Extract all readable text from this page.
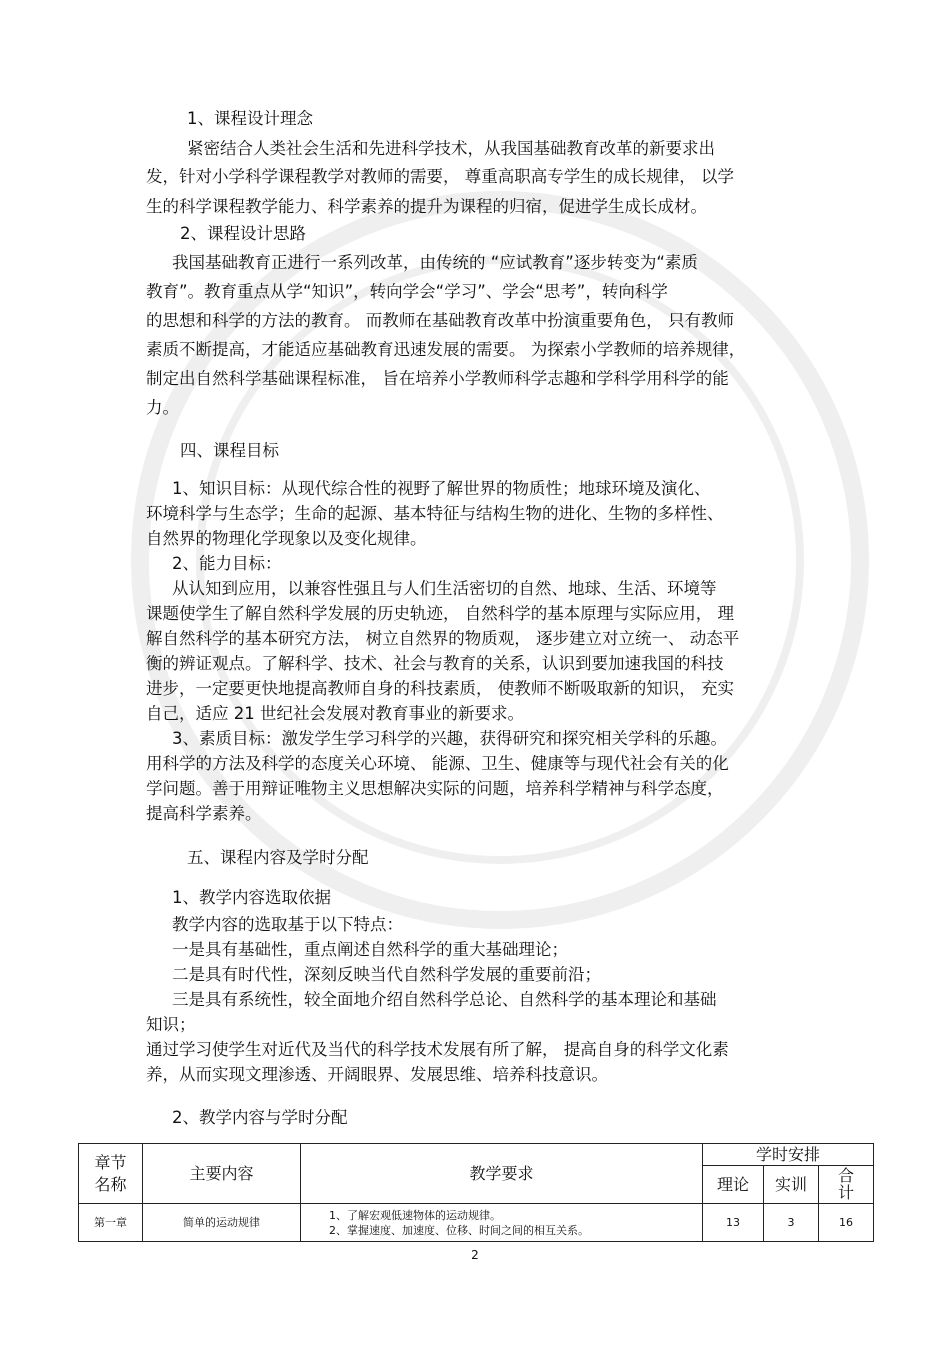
1、课程设计理念
紧密结合人类社会生活和先进科学技术，从我国基础教育改革的新要求出
发，针对小学科学课程教学对教师的需要， 尊重高职高专学生的成长规律， 以学
生的科学课程教学能力、科学素养的提升为课程的归宿，促进学生成长成材。
2、课程设计思路
我国基础教育正进行一系列改革，由传统的 “应试教育”逐步转变为“素质
教育”。教育重点从学“知识”，转向学会“学习”、学会“思考”，转向科学
的思想和科学的方法的教育。 而教师在基础教育改革中扮演重要角色， 只有教师
素质不断提高，才能适应基础教育迅速发展的需要。 为探索小学教师的培养规律，
制定出自然科学基础课程标准， 旨在培养小学教师科学志趣和学科学用科学的能
力。
四、课程目标
1、知识目标：从现代综合性的视野了解世界的物质性；地球环境及演化、
环境科学与生态学；生命的起源、基本特征与结构生物的进化、生物的多样性、
自然界的物理化学现象以及变化规律。
2、能力目标：
从认知到应用，以兼容性强且与人们生活密切的自然、地球、生活、环境等
课题使学生了解自然科学发展的历史轨迹， 自然科学的基本原理与实际应用， 理
解自然科学的基本研究方法， 树立自然界的物质观， 逐步建立对立统一、 动态平
衡的辨证观点。了解科学、技术、社会与教育的关系，认识到要加速我国的科技
进步，一定要更快地提高教师自身的科技素质， 使教师不断吸取新的知识， 充实
自己，适应 21 世纪社会发展对教育事业的新要求。
3、素质目标：激发学生学习科学的兴趣，获得研究和探究相关学科的乐趣。
用科学的方法及科学的态度关心环境、 能源、卫生、健康等与现代社会有关的化
学问题。善于用辩证唯物主义思想解决实际的问题，培养科学精神与科学态度，
提高科学素养。
五、课程内容及学时分配
1、教学内容选取依据
教学内容的选取基于以下特点：
一是具有基础性，重点阐述自然科学的重大基础理论；
二是具有时代性，深刻反映当代自然科学发展的重要前沿；
三是具有系统性，较全面地介绍自然科学总论、自然科学的基本理论和基础
知识；
通过学习使学生对近代及当代的科学技术发展有所了解， 提高自身的科学文化素
养，从而实现文理渗透、开阔眼界、发展思维、培养科技意识。
2、教学内容与学时分配
章节名称	主要内容	教学要求	学时安排		
			理论	实训	合计
第一章	简单的运动规律	1、了解宏观低速物体的运动规律。
2、掌握速度、加速度、位移、时间之间的相互关系。	13	3	16
2
